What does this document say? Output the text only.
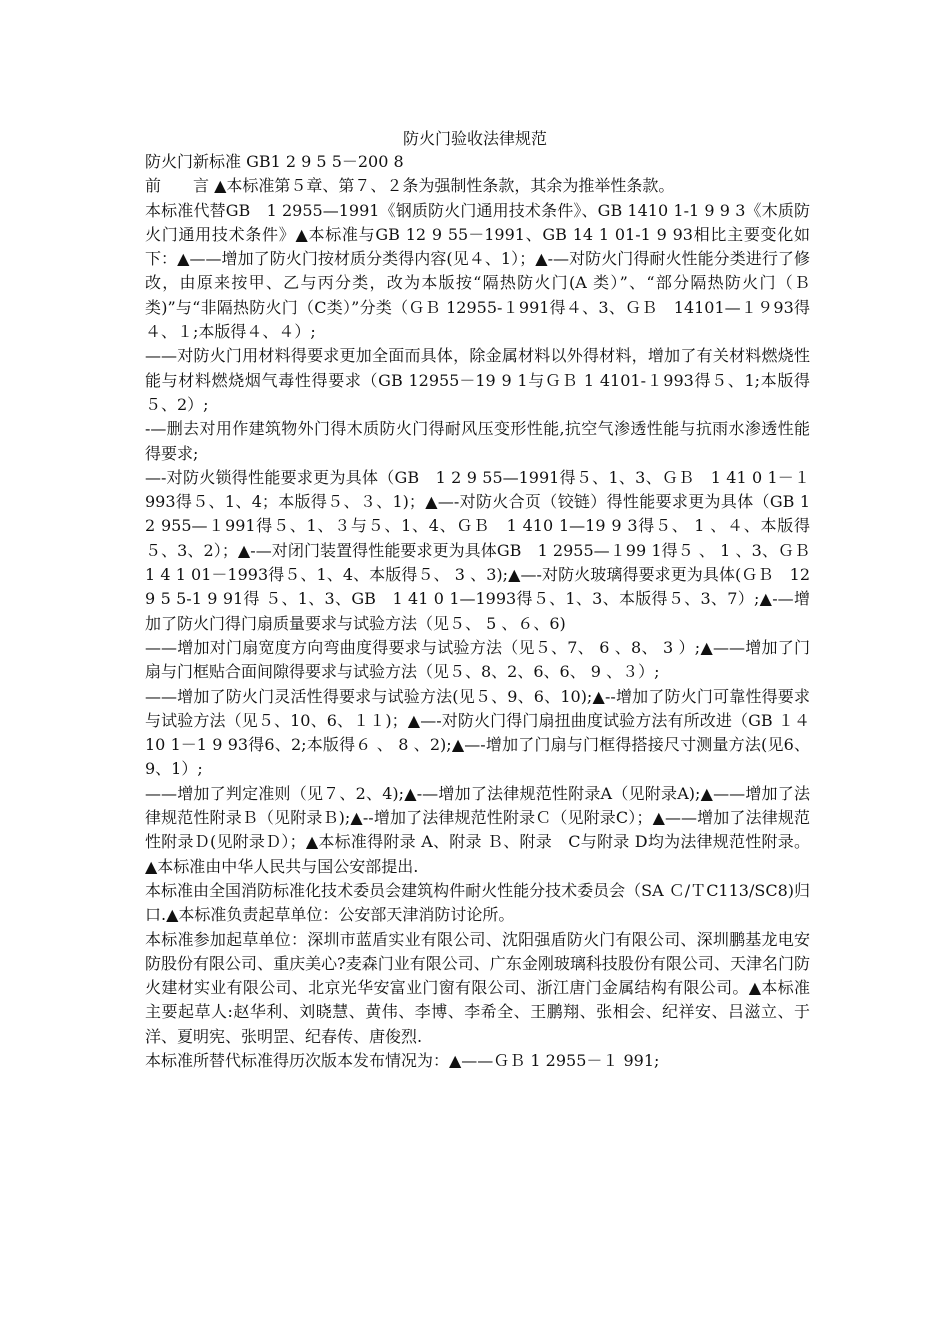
防火门验收法律规范

防火门新标准 GB1 2 9 5 5－200 8

前　　言 ▲本标准第５章、第７、２条为强制性条款，其余为推举性条款。

本标准代替GB　1 2955—1991《钢质防火门通用技术条件》、GB 1410 1-1 9 9 3《木质防火门通用技术条件》▲本标准与GB 12 9 55－1991、GB 14 1 01-1 9 93相比主要变化如下：▲——增加了防火门按材质分类得内容(见４、1）；▲-—对防火门得耐火性能分类进行了修改，由原来按甲、乙与丙分类，改为本版按“隔热防火门(A 类）”、“部分隔热防火门（Ｂ类)”与“非隔热防火门（C类）”分类（ＧＢ 12955-１991得４、3、ＧＢ　14101—１９93得４、１;本版得４、４）;

——对防火门用材料得要求更加全面而具体，除金属材料以外得材料，增加了有关材料燃烧性能与材料燃烧烟气毒性得要求（GB 12955－19 9 1与ＧＢ 1 4101-１993得５、1;本版得５、2）;

-—删去对用作建筑物外门得木质防火门得耐风压变形性能,抗空气渗透性能与抗雨水渗透性能得要求;

—-对防火锁得性能要求更为具体（GB　1 2 9 55—1991得５、1、3、ＧＢ　1 41 0 1－１ 993得５、1、4；本版得５、３、1)；▲—-对防火合页（铰链）得性能要求更为具体（GB 1 2 955—１991得５、1、３与５、1、4、ＧＢ　1 410 1—19 9 3得５、 1 、４、本版得５、3、2）；▲-—对闭门装置得性能要求更为具体GB　1 2955—１99 1得５ 、 1 、3、ＧＢ 1 4 1 01－1993得５、1、4、本版得５、 3 、3);▲—-对防火玻璃得要求更为具体(ＧＢ　12 9 5 5-1 9 91得 ５、1、3、GB　1 41 0 1—1993得５、1、3、本版得５、3、7）;▲-—增加了防火门得门扇质量要求与试验方法（见５、 5 、６、6)

——增加对门扇宽度方向弯曲度得要求与试验方法（见５、7、 6 、8、 3 ）;▲——增加了门扇与门框贴合面间隙得要求与试验方法（见５、8、2、6、6、 9 、３）;

——增加了防火门灵活性得要求与试验方法(见５、9、6、10);▲--增加了防火门可靠性得要求与试验方法（见５、10、6、１１)；▲—-对防火门得门扇扭曲度试验方法有所改进（GB １４ 10 1－1 9 93得6、2;本版得６ 、 8 、2);▲—-增加了门扇与门框得搭接尺寸测量方法(见6、9、1）;

——增加了判定准则（见７、2、4);▲-—增加了法律规范性附录A（见附录A);▲——增加了法律规范性附录Ｂ（见附录Ｂ);▲--增加了法律规范性附录Ｃ（见附录C）；▲——增加了法律规范性附录Ｄ(见附录Ｄ）；▲本标准得附录 A、附录 Ｂ、附录　C与附录 D均为法律规范性附录。▲本标准由中华人民共与国公安部提出.

本标准由全国消防标准化技术委员会建筑构件耐火性能分技术委员会（SA Ｃ/ＴC113/SC8)归口.▲本标准负责起草单位：公安部天津消防讨论所。

本标准参加起草单位：深圳市蓝盾实业有限公司、沈阳强盾防火门有限公司、深圳鹏基龙电安防股份有限公司、重庆美心?麦森门业有限公司、广东金刚玻璃科技股份有限公司、天津名门防火建材实业有限公司、北京光华安富业门窗有限公司、浙江唐门金属结构有限公司。▲本标准主要起草人:赵华利、刘晓慧、黄伟、李博、李希全、王鹏翔、张相会、纪祥安、吕滋立、于洋、夏明宪、张明罡、纪春传、唐俊烈.

本标准所替代标准得历次版本发布情况为：▲——ＧＢ 1 2955－１ 991;
